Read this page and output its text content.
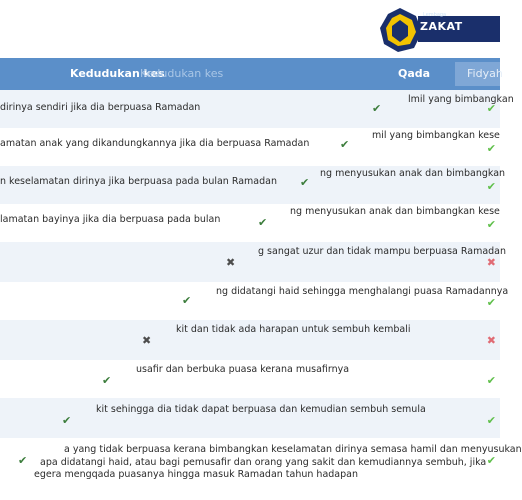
Lembaga
ZAKAT
Kedudukan kes
Kedudukan kes	Qada	Fidyah
dirinya sendiri jika dia berpuasa Ramadan
lmil yang bimbangkan
✔	✔
amatan anak yang dikandungkannya jika dia berpuasa Ramadan
mil yang bimbangkan kese
✔	✔
n keselamatan dirinya jika berpuasa pada bulan Ramadan
ng menyusukan anak dan bimbangkan
✔	✔
lamatan bayinya jika dia berpuasa pada bulan
ng menyusukan anak dan bimbangkan kese
✔	✔
g sangat uzur dan tidak mampu berpuasa Ramadan
✖	✖
ng didatangi haid sehingga menghalangi puasa Ramadannya
✔	✔
kit dan tidak ada harapan untuk sembuh kembali
✖	✖
usafir dan berbuka puasa kerana musafirnya
✔	✔
kit sehingga dia tidak dapat berpuasa dan kemudian sembuh semula
✔	✔
a yang tidak berpuasa kerana bimbangkan keselamatan dirinya semasa hamil dan menyusukan
apa didatangi haid, atau bagi pemusafir dan orang yang sakit dan kemudiannya sembuh, jika
egera mengqada puasanya hingga masuk Ramadan tahun hadapan
✔	✔
